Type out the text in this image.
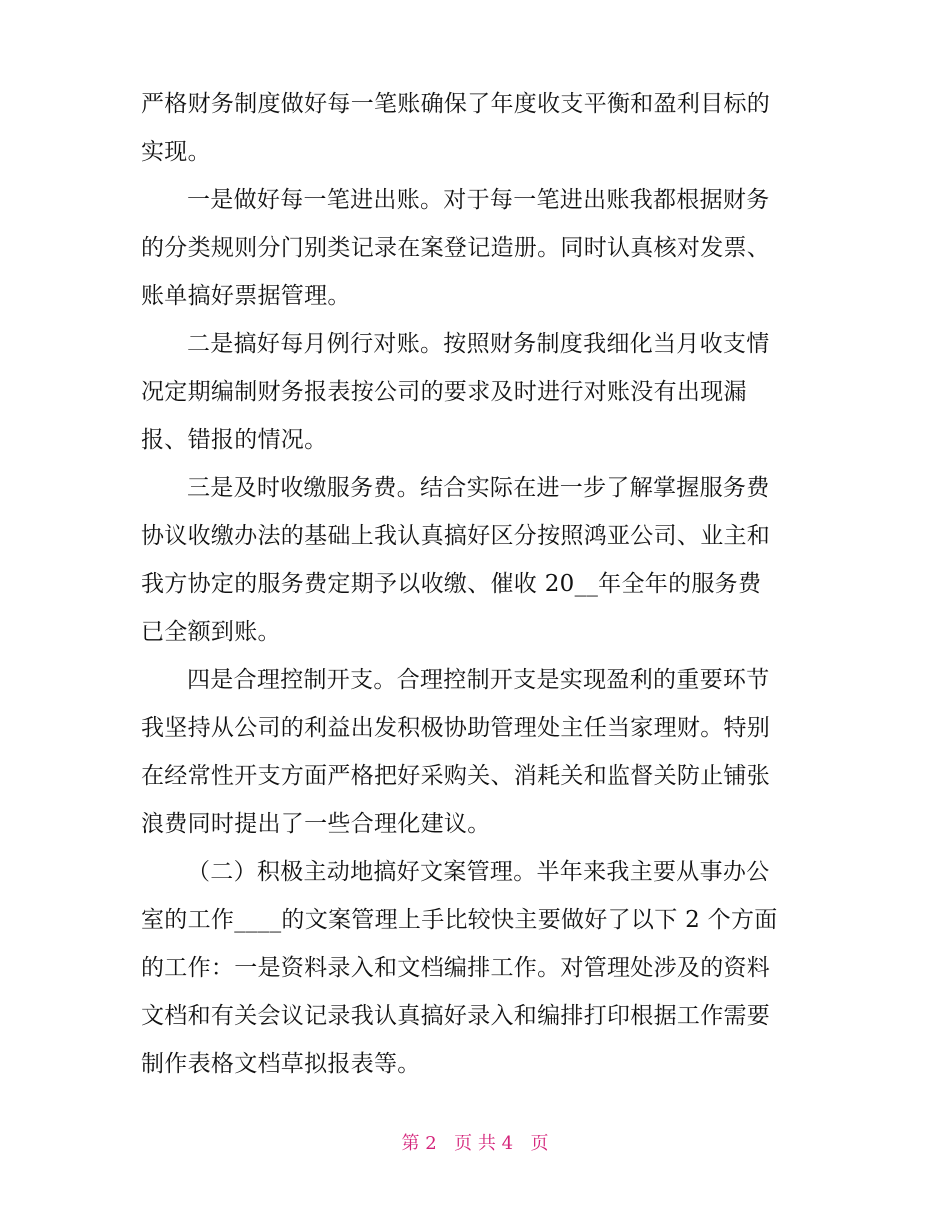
严格财务制度做好每一笔账确保了年度收支平衡和盈利目标的
实现。
一是做好每一笔进出账。对于每一笔进出账我都根据财务
的分类规则分门别类记录在案登记造册。同时认真核对发票、
账单搞好票据管理。
二是搞好每月例行对账。按照财务制度我细化当月收支情
况定期编制财务报表按公司的要求及时进行对账没有出现漏
报、错报的情况。
三是及时收缴服务费。结合实际在进一步了解掌握服务费
协议收缴办法的基础上我认真搞好区分按照鸿亚公司、业主和
我方协定的服务费定期予以收缴、催收 20__年全年的服务费
已全额到账。
四是合理控制开支。合理控制开支是实现盈利的重要环节
我坚持从公司的利益出发积极协助管理处主任当家理财。特别
在经常性开支方面严格把好采购关、消耗关和监督关防止铺张
浪费同时提出了一些合理化建议。
（二）积极主动地搞好文案管理。半年来我主要从事办公
室的工作____的文案管理上手比较快主要做好了以下 2 个方面
的工作：一是资料录入和文档编排工作。对管理处涉及的资料
文档和有关会议记录我认真搞好录入和编排打印根据工作需要
制作表格文档草拟报表等。
第 2 页 共 4 页
